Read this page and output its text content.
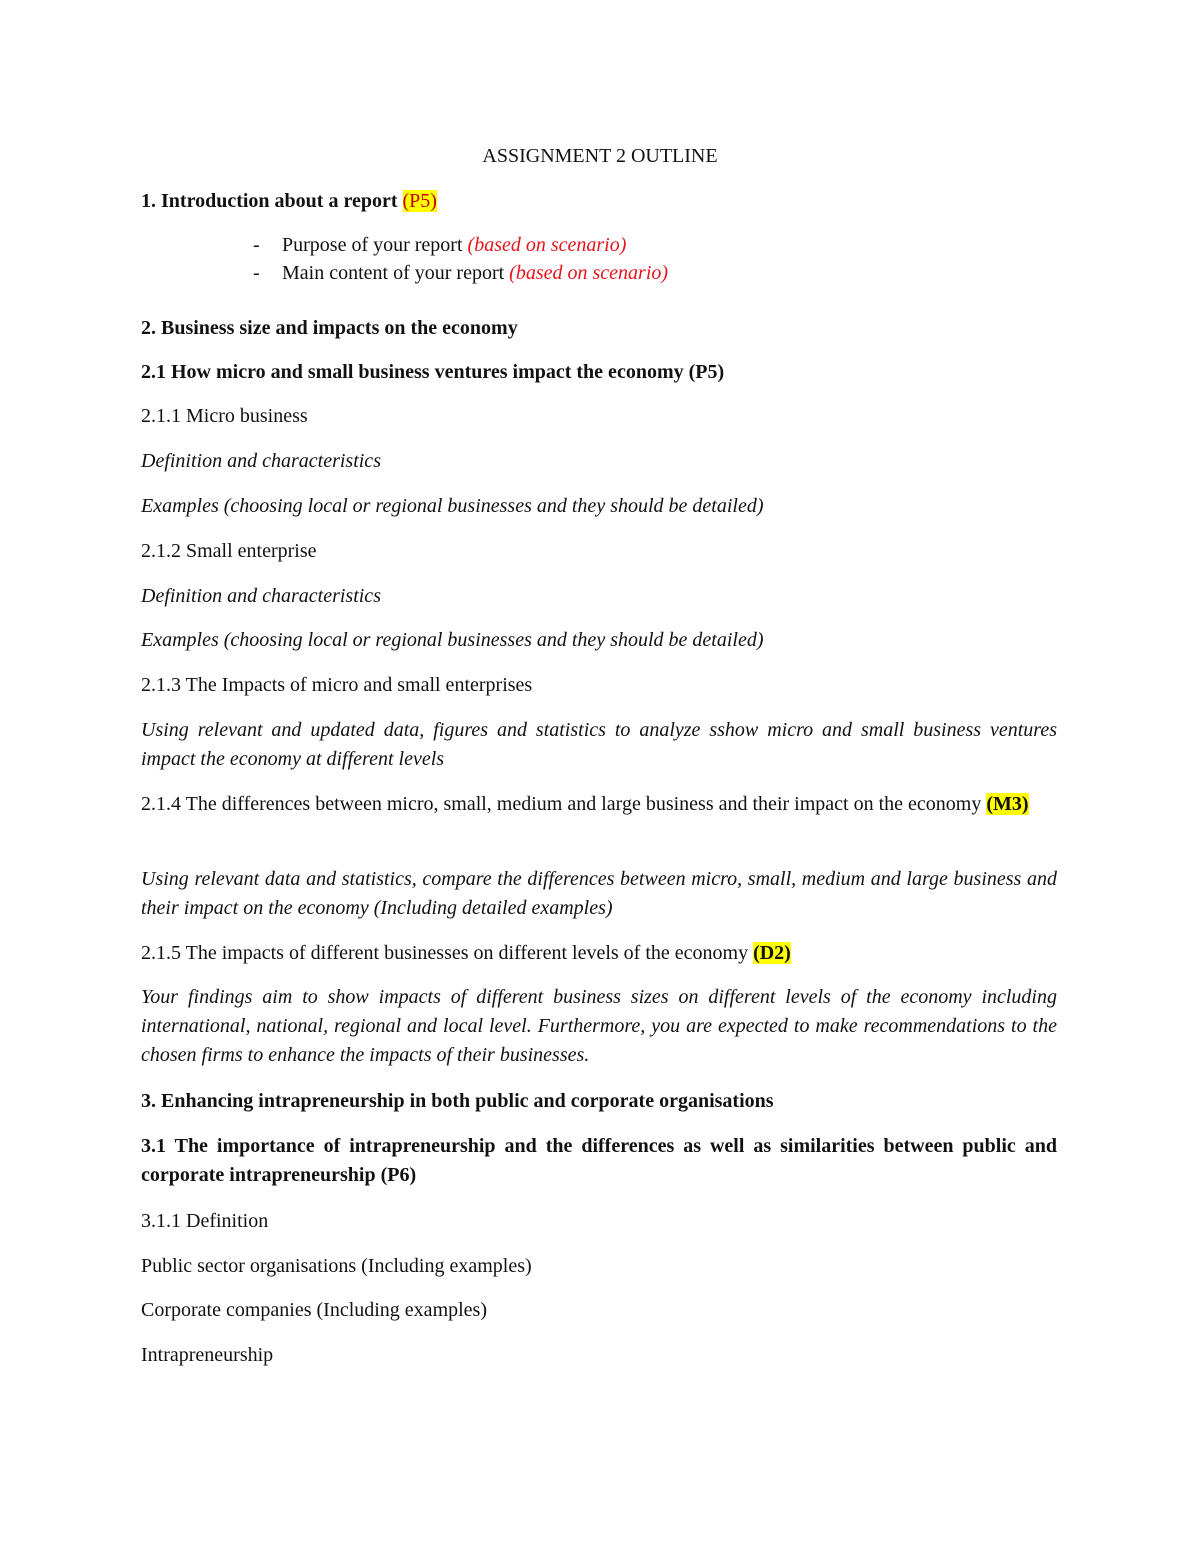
ASSIGNMENT 2 OUTLINE
1. Introduction about a report (P5)
- Purpose of your report (based on scenario)
- Main content of your report (based on scenario)
2. Business size and impacts on the economy
2.1 How micro and small business ventures impact the economy (P5)
2.1.1 Micro business
Definition and characteristics
Examples (choosing local or regional businesses and they should be detailed)
2.1.2 Small enterprise
Definition and characteristics
Examples (choosing local or regional businesses and they should be detailed)
2.1.3 The Impacts of micro and small enterprises
Using relevant and updated data, figures and statistics to analyze sshow micro and small business ventures impact the economy at different levels
2.1.4 The differences between micro, small, medium and large business and their impact on the economy (M3)
Using relevant data and statistics, compare the differences between micro, small, medium and large business and their impact on the economy (Including detailed examples)
2.1.5 The impacts of different businesses on different levels of the economy (D2)
Your findings aim to show impacts of different business sizes on different levels of the economy including international, national, regional and local level. Furthermore, you are expected to make recommendations to the chosen firms to enhance the impacts of their businesses.
3. Enhancing intrapreneurship in both public and corporate organisations
3.1 The importance of intrapreneurship and the differences as well as similarities between public and corporate intrapreneurship (P6)
3.1.1 Definition
Public sector organisations (Including examples)
Corporate companies (Including examples)
Intrapreneurship
